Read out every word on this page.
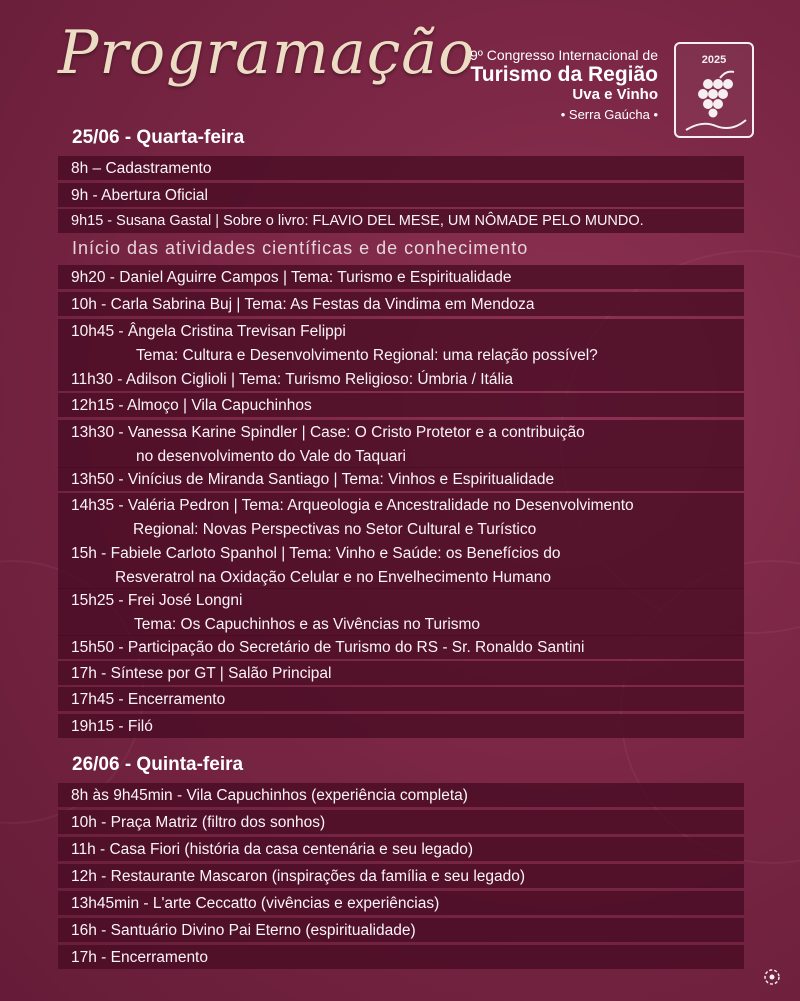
Programação
9º Congresso Internacional de
Turismo da Região
Uva e Vinho
• Serra Gaúcha •
2025
25/06 - Quarta-feira
8h – Cadastramento
9h - Abertura Oficial
9h15 - Susana Gastal | Sobre o livro: FLAVIO DEL MESE, UM NÔMADE PELO MUNDO.
Início das atividades científicas e de conhecimento
9h20 - Daniel Aguirre Campos | Tema: Turismo e Espiritualidade
10h - Carla Sabrina Buj | Tema: As Festas da Vindima em Mendoza
10h45 - Ângela Cristina Trevisan Felippi
Tema: Cultura e Desenvolvimento Regional: uma relação possível?
11h30 - Adilson Ciglioli | Tema: Turismo Religioso: Úmbria / Itália
12h15 - Almoço | Vila Capuchinhos
13h30 - Vanessa Karine Spindler | Case: O Cristo Protetor e a contribuição
no desenvolvimento do Vale do Taquari
13h50 - Vinícius de Miranda Santiago | Tema: Vinhos e Espiritualidade
14h35 - Valéria Pedron | Tema: Arqueologia e Ancestralidade no Desenvolvimento
Regional: Novas Perspectivas no Setor Cultural e Turístico
15h - Fabiele Carloto Spanhol | Tema: Vinho e Saúde: os Benefícios do
Resveratrol na Oxidação Celular e no Envelhecimento Humano
15h25 - Frei José Longni
Tema: Os Capuchinhos e as Vivências no Turismo
15h50 - Participação do Secretário de Turismo do RS - Sr. Ronaldo Santini
17h - Síntese por GT | Salão Principal
17h45 - Encerramento
19h15 - Filó
26/06 - Quinta-feira
8h às 9h45min - Vila Capuchinhos (experiência completa)
10h - Praça Matriz (filtro dos sonhos)
11h - Casa Fiori (história da casa centenária e seu legado)
12h - Restaurante Mascaron (inspirações da família e seu legado)
13h45min - L'arte Ceccatto (vivências e experiências)
16h - Santuário Divino Pai Eterno (espiritualidade)
17h - Encerramento
